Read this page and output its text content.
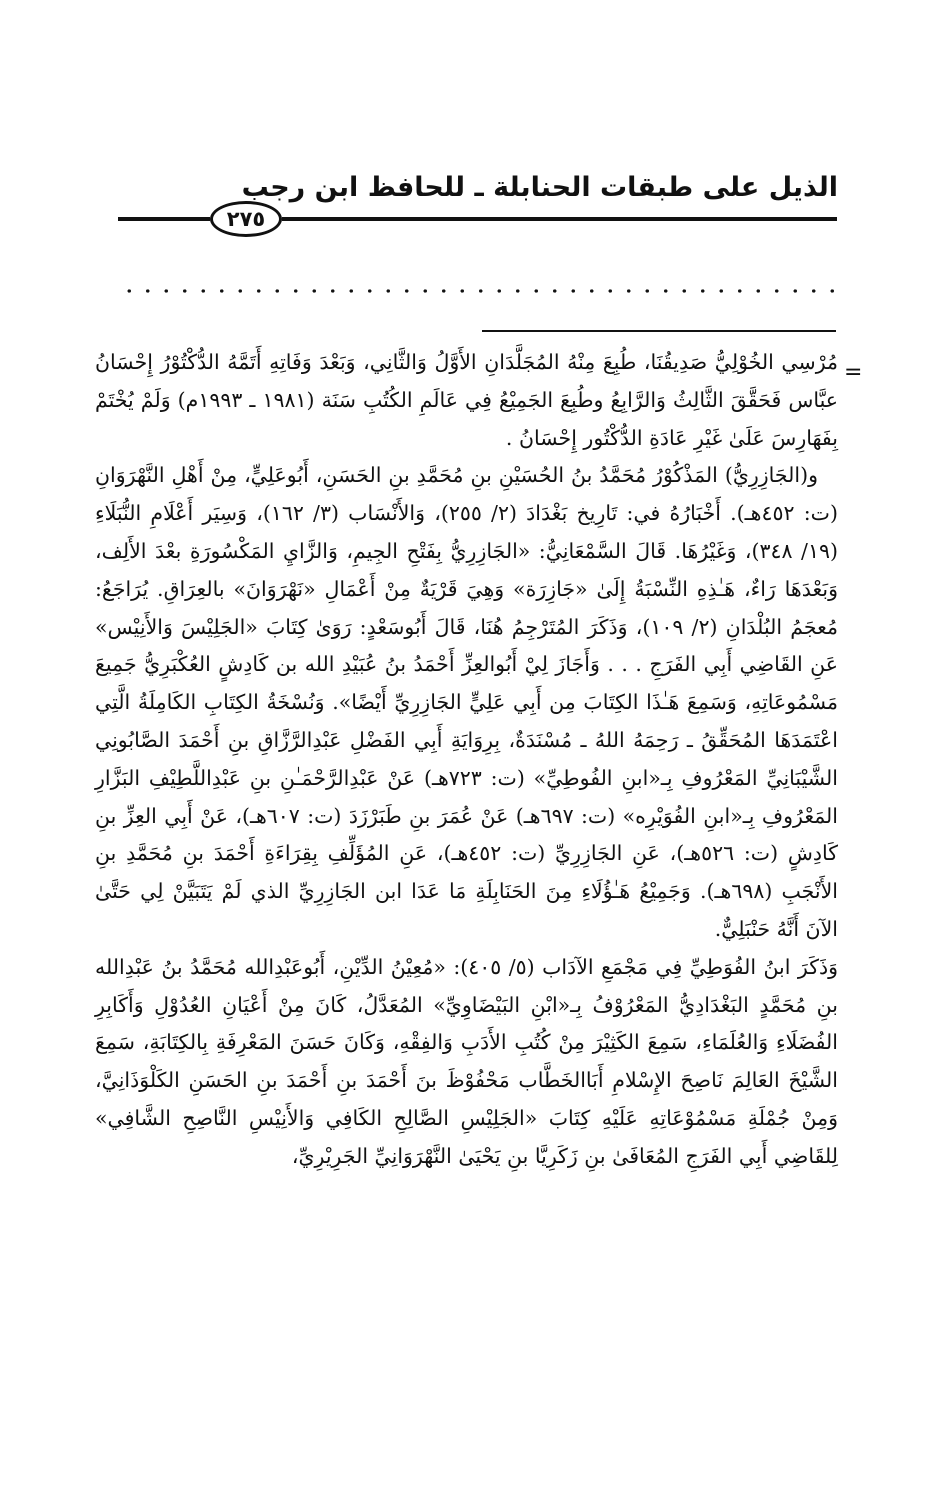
الذيل على طبقات الحنابلة ـ للحافظ ابن رجب
٢٧٥
=

مُرْسِي الخُوْلِيُّ صَدِيقُنَا، طُبِعَ مِنْهُ المُجَلَّدَانِ الأَوَّلُ وَالثَّانِي، وَبَعْدَ وَفَاتِهِ أَتَمَّهُ الدُّكْتُوْرُ إِحْسَانُ عبَّاس فَحَقَّقَ الثَّالِثُ وَالرَّابِعُ وطُبِعَ الجَمِيْعُ فِي عَالَمِ الكُتُبِ سَنَة (١٩٨١ ـ ١٩٩٣م) وَلَمْ يُخْتَمْ بِفَهَارِسَ عَلَىٰ غَيْرِ عَادَةِ الدُّكْتُور إِحْسَانُ .

و(الجَازِرِيُّ) المَذْكُوْرُ مُحَمَّدُ بنُ الحُسَيْنِ بنِ مُحَمَّدِ بنِ الحَسَنِ، أَبُوعَلِيٍّ، مِنْ أَهْلِ النَّهْرَوَانِ (ت: ٤٥٢هـ). أَخْبَارُهُ في: تَارِيخ بَغْدَادَ (٢/ ٢٥٥)، وَالأَنْسَاب (٣/ ١٦٢)، وَسِيَر أَعْلَامِ النُّبَلَاءِ (١٩/ ٣٤٨)، وَغَيْرُهَا. قَالَ السَّمْعَانِيُّ: «الجَازِرِيُّ بِفَتْحِ الجِيمِ، وَالزَّايِ المَكْسُورَةِ بعْدَ الأَلِف، وَبَعْدَهَا رَاءٌ، هَـٰذِهِ النِّسْبَةُ إِلَىٰ «جَازِرَة» وَهِيَ قَرْيَةٌ مِنْ أَعْمَالِ «نَهْرَوَانَ» بالعِرَاقِ. يُرَاجَعُ: مُعجَمُ البُلْدَانِ (٢/ ١٠٩)، وَذَكَرَ المُتَرْجِمُ هُنَا، قَالَ أَبُوسَعْدٍ: رَوَىٰ كِتَابَ «الجَلِيْسَ وَالأَنِيْس» عَنِ القَاضِي أَبِي الفَرَجِ . . . وَأَجَازَ لِيْ أَبُوالعِزِّ أَحْمَدُ بنُ عُبَيْدِ الله بن كَادِشٍ العُكْبَرِيُّ جَمِيعَ مَسْمُوعَاتِهِ، وَسَمِعَ هَـٰذَا الكِتَابَ مِن أَبِي عَلِيٍّ الجَازِرِيِّ أَيْضًا». وَنُسْخَةُ الكِتَابِ الكَامِلَةُ الَّتِي اعْتَمَدَهَا المُحَقِّقُ ـ رَحِمَهُ اللهُ ـ مُسْنَدَةٌ، بِرِوَايَةِ أَبِي الفَضْلِ عَبْدِالرَّزَّاقِ بنِ أَحْمَدَ الصَّابُونِي الشَّيْبَانِيِّ المَعْرُوفِ بِـ«ابنِ الفُوطِيِّ» (ت: ٧٢٣هـ) عَنْ عَبْدِالرَّحْمَـٰنِ بنِ عَبْدِاللَّطِيْفِ البَزَّارِ المَعْرُوفِ بِـ«ابنِ الفُوَيْرِه» (ت: ٦٩٧هـ) عَنْ عُمَرَ بنِ طَبَرْزَدَ (ت: ٦٠٧هـ)، عَنْ أَبِي العِزِّ بنِ كَادِشٍ (ت: ٥٢٦هـ)، عَنِ الجَازِرِيِّ (ت: ٤٥٢هـ)، عَنِ المُؤَلِّفِ بِقِرَاءَةِ أَحْمَدَ بنِ مُحَمَّدِ بنِ الأَنْجَبِ (٦٩٨هـ). وَجَمِيْعُ هَـٰؤُلَاءِ مِنَ الحَنَابِلَةِ مَا عَدَا ابن الجَازِرِيِّ الذي لَمْ يَتَبَيَّنْ لِي حَتَّىٰ الآنَ أَنَّهُ حَنْبَلِيٌّ.

وَذَكَرَ ابنُ الفُوَطِيِّ فِي مَجْمَعِ الآدَاب (٥/ ٤٠٥): «مُعِيْنُ الدِّيْنِ، أَبُوعَبْدِالله مُحَمَّدُ بنُ عَبْدِالله بنِ مُحَمَّدٍ البَغْدَادِيُّ المَعْرُوْفُ بِـ«ابْنِ البَيْضَاوِيِّ» المُعَدَّلُ، كَانَ مِنْ أَعْيَانِ العُدُوْلِ وَأَكَابِرِ الفُضَلَاءِ وَالعُلَمَاءِ، سَمِعَ الكَثِيْرَ مِنْ كُتُبِ الأَدَبِ وَالفِقْهِ، وَكَانَ حَسَنَ المَعْرِفَةِ بِالكِتَابَةِ، سَمِعَ الشَّيْخَ العَالِمَ نَاصِحَ الإِسْلامِ أَبَاالخَطَّاب مَحْفُوْظَ بنَ أَحْمَدَ بنِ أَحْمَدَ بنِ الحَسَنِ الكَلْوَذَانِيَّ، وَمِنْ جُمْلَةِ مَسْمُوْعَاتِهِ عَلَيْهِ كِتَابَ «الجَلِيْسِ الصَّالِحِ الكَافِي وَالأَنِيْسِ النَّاصِحِ الشَّافِي» لِلقَاضِي أَبِي الفَرَجِ المُعَافَىٰ بنِ زَكَرِيَّا بنِ يَحْيَىٰ النَّهْرَوَانِيِّ الجَرِيْرِيِّ،
